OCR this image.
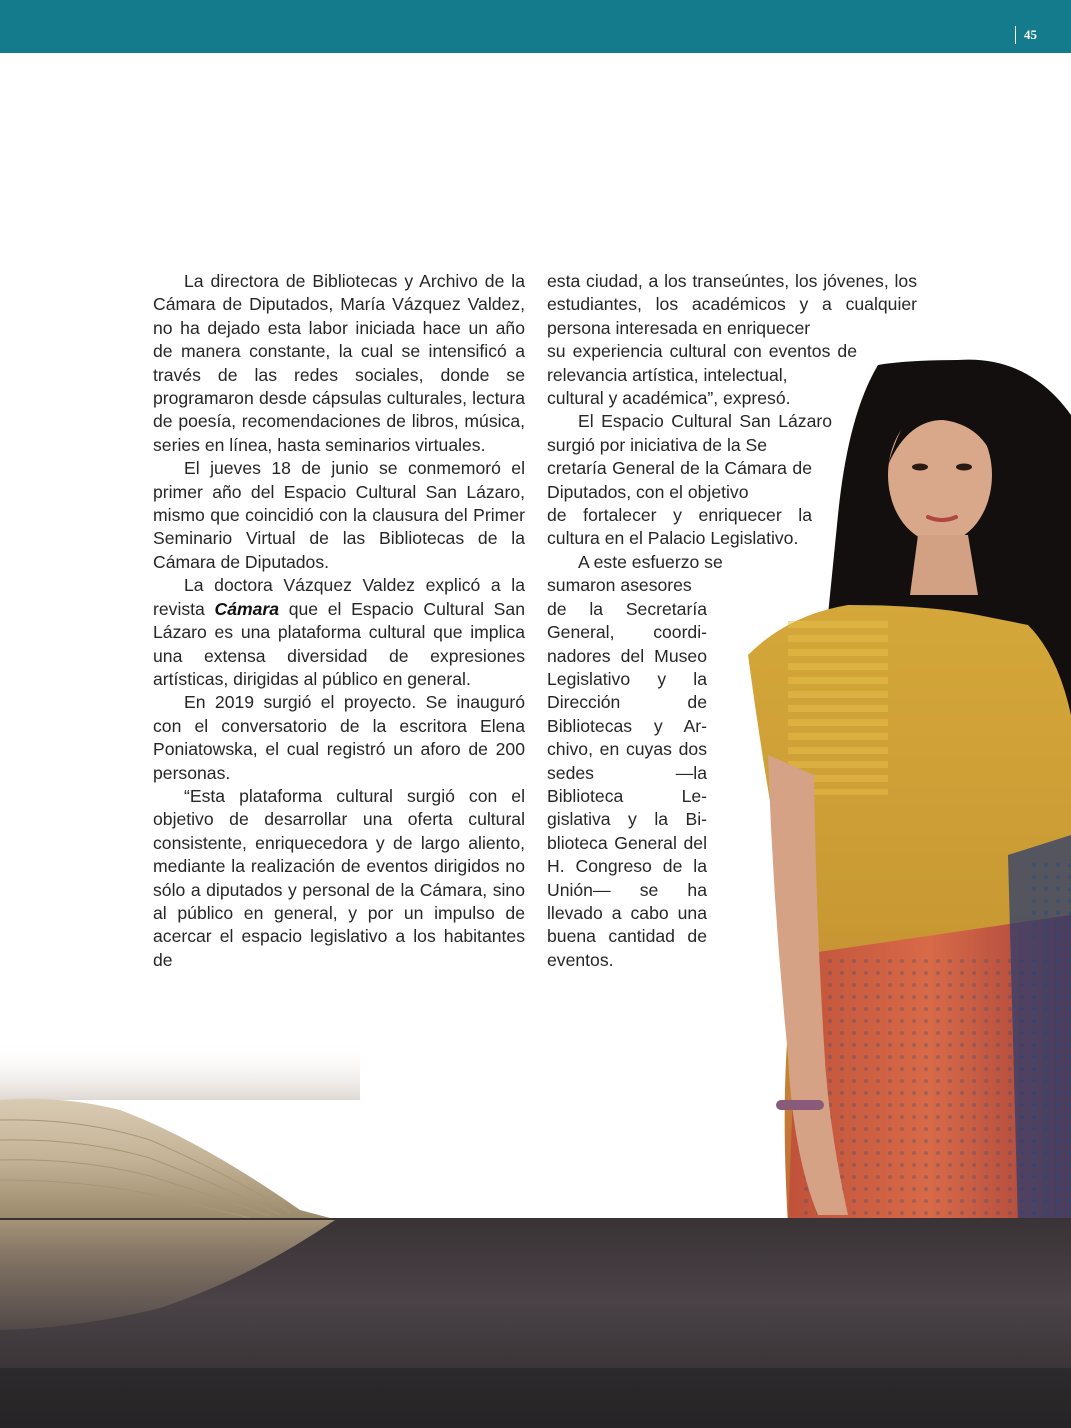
45

La directora de Bibliotecas y Archivo de la Cámara de Diputados, María Vázquez Valdez, no ha dejado esta labor iniciada hace un año de manera constante, la cual se intensificó a través de las redes sociales, donde se programaron desde cápsulas culturales, lectura de poesía, recomendaciones de libros, música, series en línea, hasta seminarios virtuales.

El jueves 18 de junio se conmemoró el primer año del Espacio Cultural San Lázaro, mismo que coincidió con la clausura del Primer Seminario Virtual de las Bibliotecas de la Cámara de Diputados.

La doctora Vázquez Valdez explicó a la revista Cámara que el Espacio Cultural San Lázaro es una plataforma cultural que implica una extensa diversidad de expresiones artísticas, dirigidas al público en general.

En 2019 surgió el proyecto. Se inauguró con el conversatorio de la escritora Elena Poniatowska, el cual registró un aforo de 200 personas.

“Esta plataforma cultural surgió con el objetivo de desarrollar una oferta cultural consistente, enriquecedora y de largo aliento, mediante la realización de eventos dirigidos no sólo a diputados y personal de la Cámara, sino al público en general, y por un impulso de acercar el espacio legislativo a los habitantes de

esta ciudad, a los transeúntes, los jóvenes, los estudiantes, los académicos y a cualquier persona interesada en enriquecer

su experiencia cultural con eventos de relevancia artística, intelectual,

cultural y académica”, expresó.

El Espacio Cultural San Lázaro surgió por iniciativa de la Se

cretaría General de la Cámara de Diputados, con el objetivo

de fortalecer y enriquecer la cultura en el Palacio Legislativo.

A este esfuerzo se

sumaron asesores

de la Secretaría General, coordinadores del Museo Legislativo y la Dirección de Bibliotecas y Archivo, en cuyas dos sedes —la Biblioteca Legislativa y la Biblioteca General del H. Congreso de la Unión— se ha llevado a cabo una buena cantidad de eventos.
